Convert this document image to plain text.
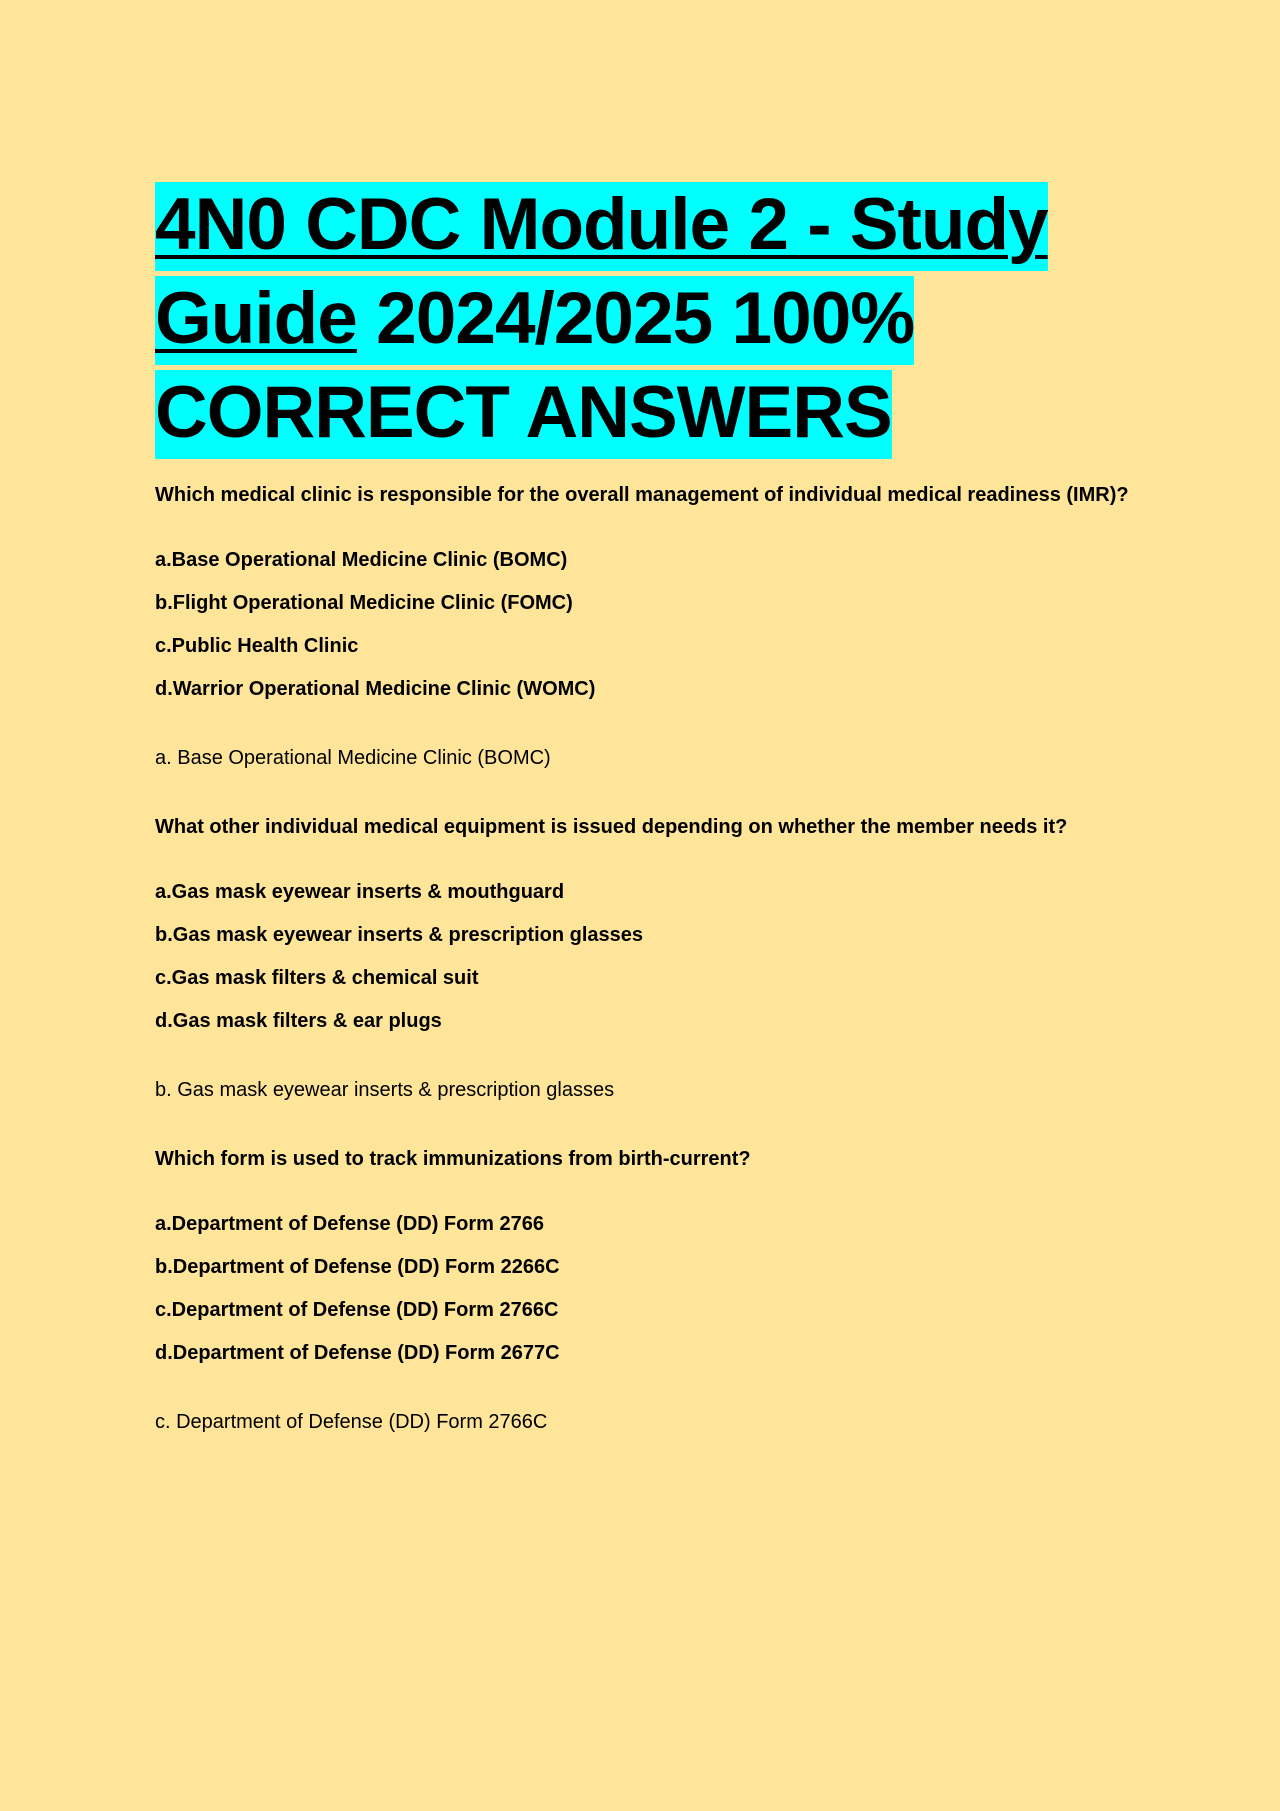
4N0 CDC Module 2 - Study
Guide 2024/2025 100%
CORRECT ANSWERS

Which medical clinic is responsible for the overall management of individual medical readiness (IMR)?

a.Base Operational Medicine Clinic (BOMC)
b.Flight Operational Medicine Clinic (FOMC)
c.Public Health Clinic
d.Warrior Operational Medicine Clinic (WOMC)

a. Base Operational Medicine Clinic (BOMC)

What other individual medical equipment is issued depending on whether the member needs it?

a.Gas mask eyewear inserts & mouthguard
b.Gas mask eyewear inserts & prescription glasses
c.Gas mask filters & chemical suit
d.Gas mask filters & ear plugs

b. Gas mask eyewear inserts & prescription glasses

Which form is used to track immunizations from birth-current?

a.Department of Defense (DD) Form 2766
b.Department of Defense (DD) Form 2266C
c.Department of Defense (DD) Form 2766C
d.Department of Defense (DD) Form 2677C

c. Department of Defense (DD) Form 2766C
